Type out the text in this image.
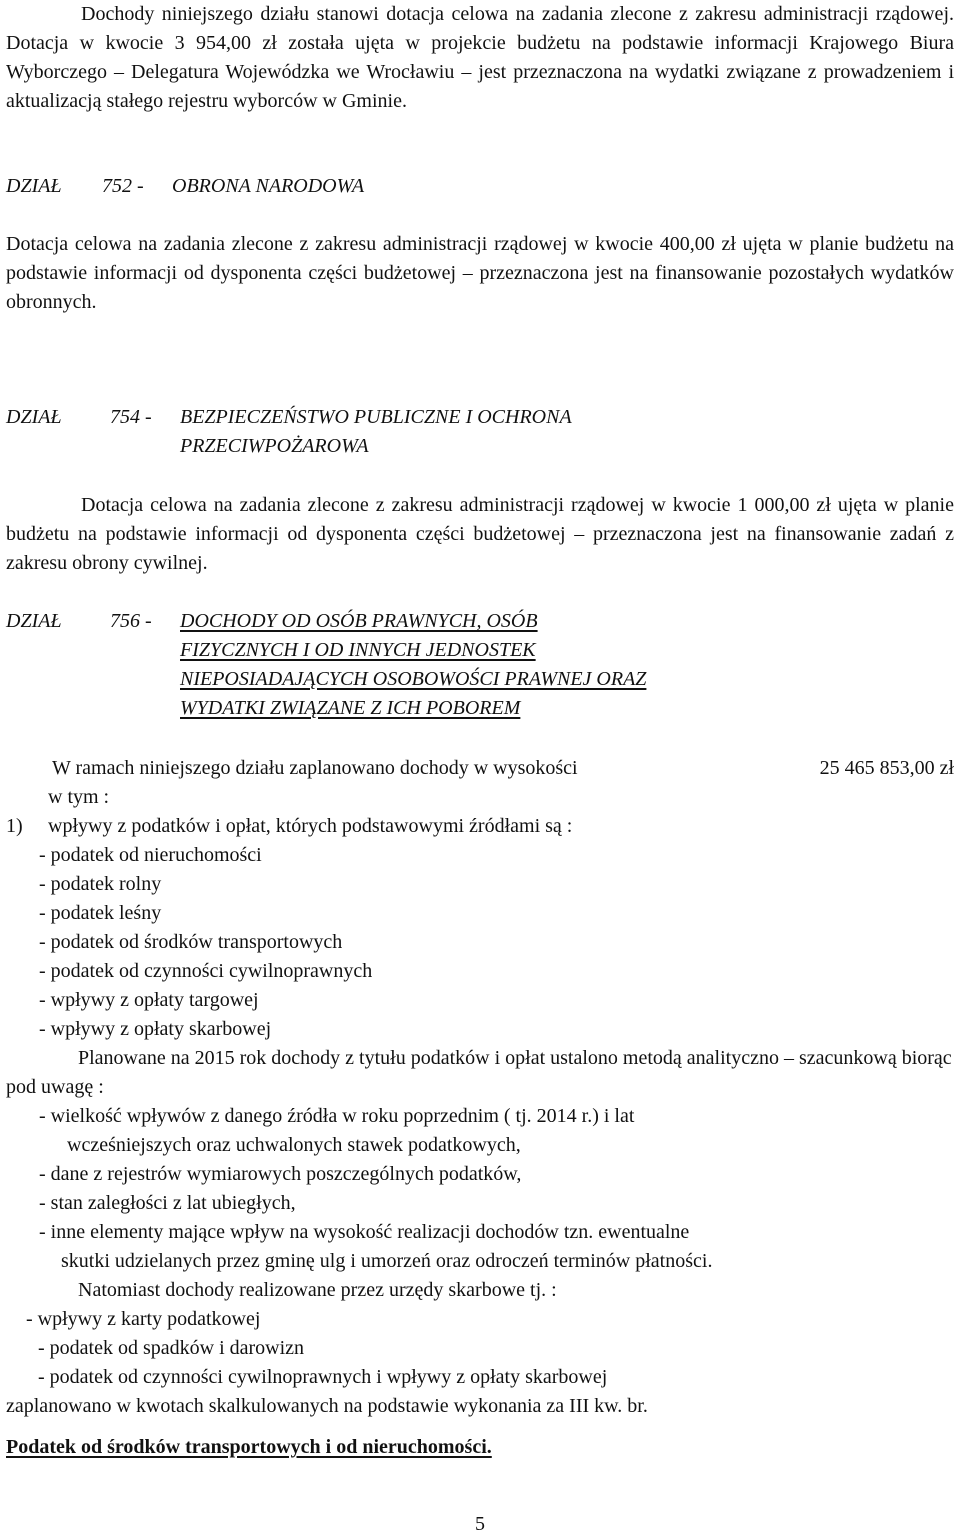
Dochody niniejszego działu stanowi dotacja celowa na zadania zlecone z zakresu administracji rządowej. Dotacja w kwocie 3 954,00 zł została ujęta w projekcie budżetu na podstawie informacji Krajowego Biura Wyborczego – Delegatura Wojewódzka we Wrocławiu – jest przeznaczona na wydatki związane z prowadzeniem i aktualizacją stałego rejestru wyborców w Gminie.

DZIAŁ	752 -	OBRONA NARODOWA

Dotacja celowa na zadania zlecone z zakresu administracji rządowej w kwocie 400,00 zł ujęta w planie budżetu na podstawie informacji od dysponenta części budżetowej – przeznaczona jest na finansowanie pozostałych wydatków obronnych.

DZIAŁ	754 -	BEZPIECZEŃSTWO PUBLICZNE I OCHRONA
PRZECIWPOŻAROWA

Dotacja celowa na zadania zlecone z zakresu administracji rządowej w kwocie 1 000,00 zł ujęta w planie budżetu na podstawie informacji od dysponenta części budżetowej – przeznaczona jest na finansowanie zadań z zakresu obrony cywilnej.

DZIAŁ	756 -	DOCHODY OD OSÓB PRAWNYCH, OSÓB
FIZYCZNYCH I OD INNYCH JEDNOSTEK
NIEPOSIADAJĄCYCH OSOBOWOŚCI PRAWNEJ ORAZ
WYDATKI ZWIĄZANE Z ICH POBOREM
W ramach niniejszego działu zaplanowano dochody w wysokości	25 465 853,00 zł

w tym :

1)	wpływy z podatków i opłat, których podstawowymi źródłami są :

- podatek od nieruchomości

- podatek rolny

- podatek leśny

- podatek od środków transportowych

- podatek od czynności cywilnoprawnych

- wpływy z opłaty targowej

- wpływy z opłaty skarbowej

Planowane na 2015 rok dochody z tytułu podatków i opłat ustalono metodą analityczno – szacunkową biorąc pod uwagę :

- wielkość wpływów z danego źródła w roku poprzednim ( tj. 2014 r.) i lat

wcześniejszych oraz uchwalonych stawek podatkowych,

- dane z rejestrów wymiarowych poszczególnych podatków,

- stan zaległości z lat ubiegłych,

- inne elementy mające wpływ na wysokość realizacji dochodów tzn. ewentualne

skutki udzielanych przez gminę ulg i umorzeń oraz odroczeń terminów płatności.

Natomiast dochody realizowane przez urzędy skarbowe tj. :

- wpływy z karty podatkowej

- podatek od spadków i darowizn

- podatek od czynności cywilnoprawnych i wpływy z opłaty skarbowej

zaplanowano w kwotach skalkulowanych na podstawie wykonania za III kw. br.

Podatek od środków transportowych i od nieruchomości.

5
